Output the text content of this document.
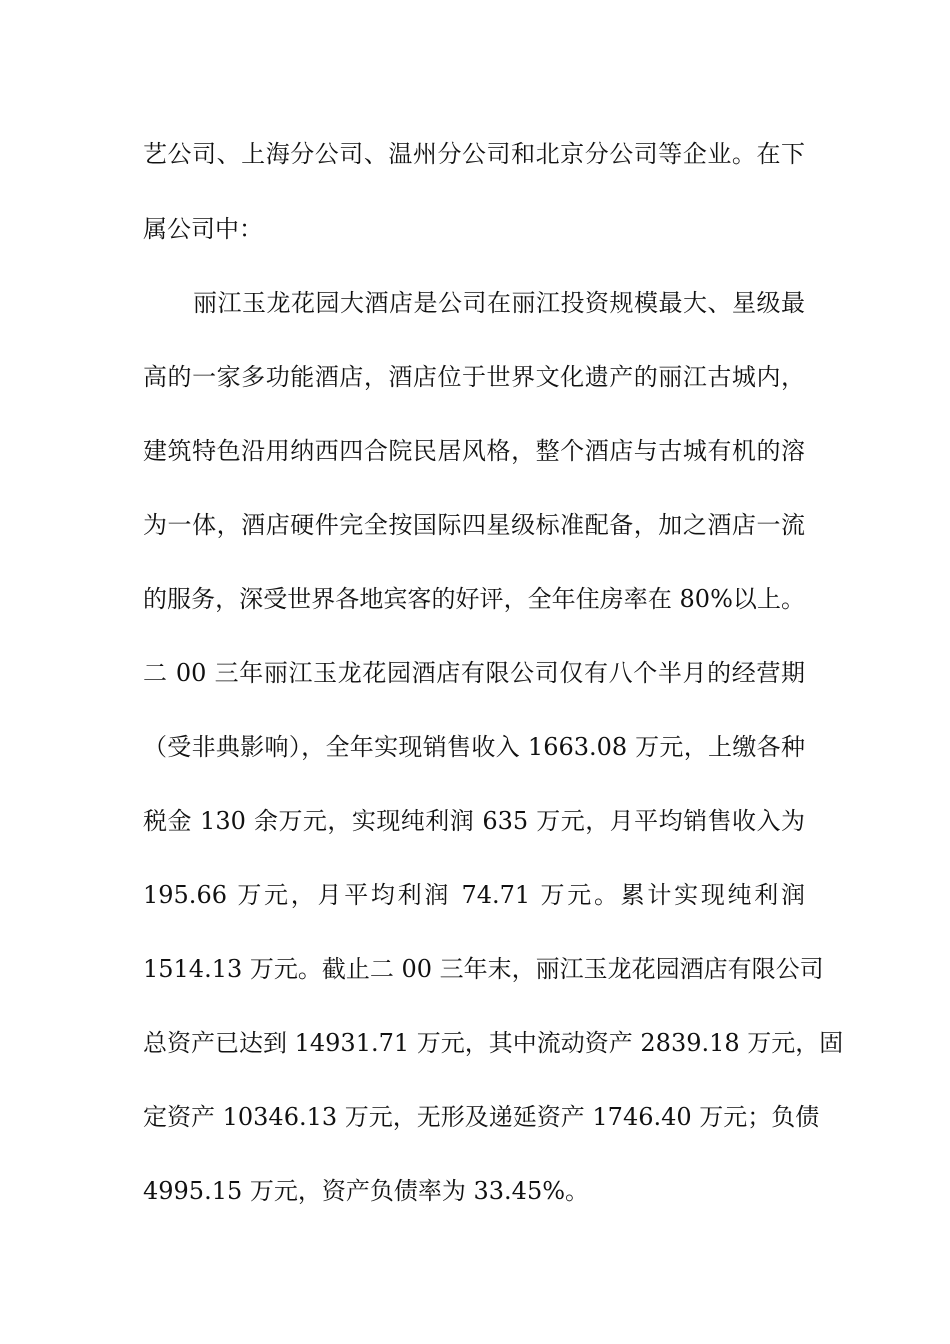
艺公司、上海分公司、温州分公司和北京分公司等企业。在下
属公司中：
丽江玉龙花园大酒店是公司在丽江投资规模最大、星级最
高的一家多功能酒店，酒店位于世界文化遗产的丽江古城内，
建筑特色沿用纳西四合院民居风格，整个酒店与古城有机的溶
为一体，酒店硬件完全按国际四星级标准配备，加之酒店一流
的服务，深受世界各地宾客的好评，全年住房率在 80%以上。
二 00 三年丽江玉龙花园酒店有限公司仅有八个半月的经营期
（受非典影响），全年实现销售收入 1663.08 万元，上缴各种
税金 130 余万元，实现纯利润 635 万元，月平均销售收入为
195.66 万元，月平均利润 74.71 万元。累计实现纯利润
1514.13 万元。截止二 00 三年末，丽江玉龙花园酒店有限公司
总资产已达到 14931.71 万元，其中流动资产 2839.18 万元，固
定资产 10346.13 万元，无形及递延资产 1746.40 万元；负债
4995.15 万元，资产负债率为 33.45%。
